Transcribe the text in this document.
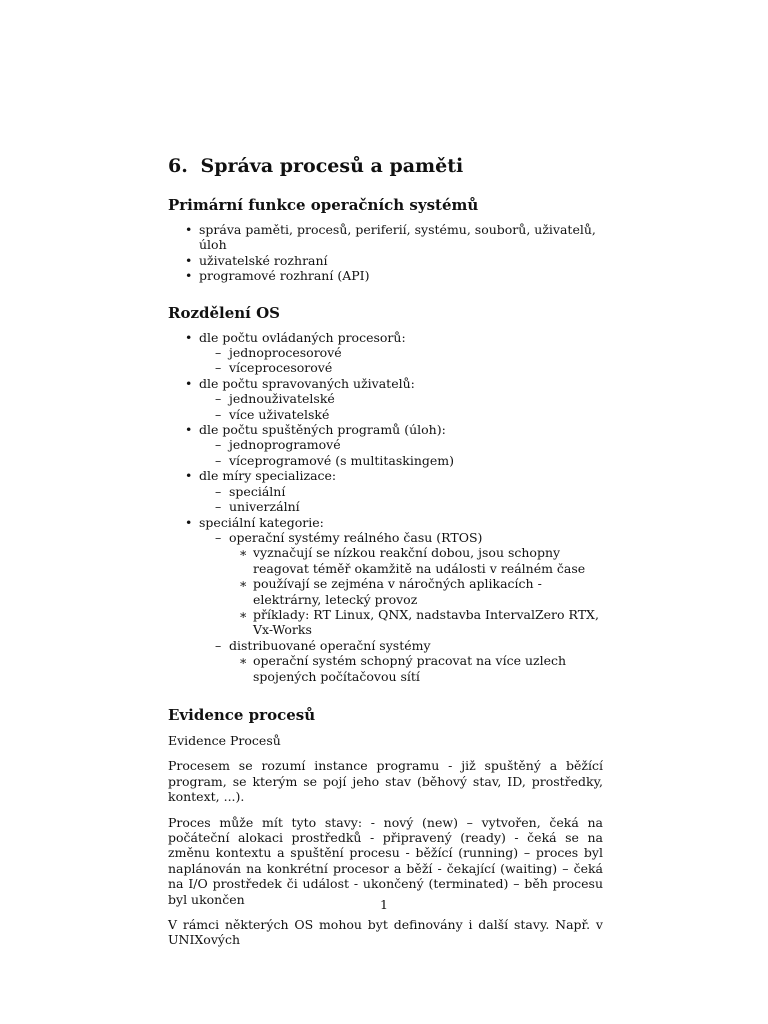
6. Správa procesů a paměti
Primární funkce operačních systémů
• správa paměti, procesů, periferií, systému, souborů, uživatelů, úloh
• uživatelské rozhraní
• programové rozhraní (API)
Rozdělení OS
• dle počtu ovládaných procesorů:
– jednoprocesorové
– víceprocesorové
• dle počtu spravovaných uživatelů:
– jednouživatelské
– více uživatelské
• dle počtu spuštěných programů (úloh):
– jednoprogramové
– víceprogramové (s multitaskingem)
• dle míry specializace:
– speciální
– univerzální
• speciální kategorie:
– operační systémy reálného času (RTOS)
∗ vyznačují se nízkou reakční dobou, jsou schopny reagovat téměř okamžitě na události v reálném čase
∗ používají se zejména v náročných aplikacích - elektrárny, letecký provoz
∗ příklady: RT Linux, QNX, nadstavba IntervalZero RTX, Vx-Works
– distribuované operační systémy
∗ operační systém schopný pracovat na více uzlech spojených počítačovou sítí
Evidence procesů

Evidence Procesů

Procesem se rozumí instance programu - již spuštěný a běžící program, se kterým se pojí jeho stav (běhový stav, ID, prostředky, kontext, ...).

Proces může mít tyto stavy: - nový (new) – vytvořen, čeká na počáteční alokaci prostředků - připravený (ready) - čeká se na změnu kontextu a spuštění procesu - běžící (running) – proces byl naplánován na konkrétní procesor a běží - čekající (waiting) – čeká na I/O prostředek či událost - ukončený (terminated) – běh procesu byl ukončen

V rámci některých OS mohou byt definovány i další stavy. Např. v UNIXových

1
